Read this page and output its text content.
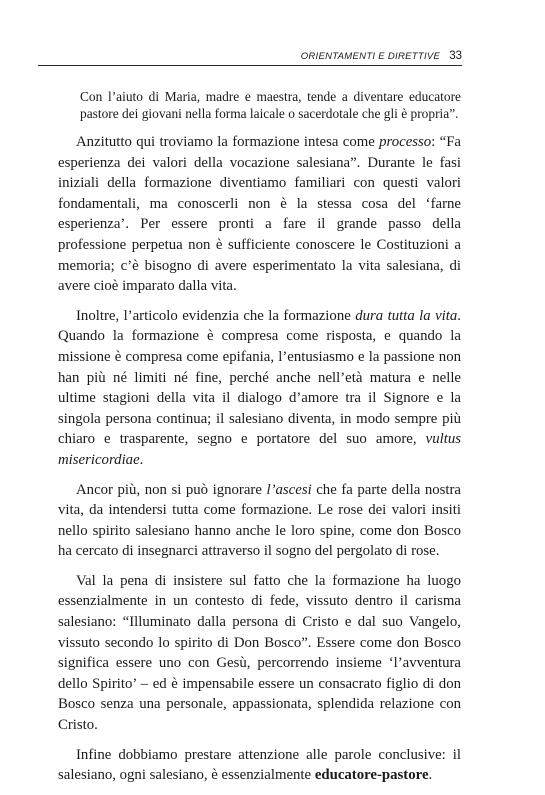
ORIENTAMENTI E DIRETTIVE 33

Con l’aiuto di Maria, madre e maestra, tende a diventare educatore pastore dei giovani nella forma laicale o sacerdotale che gli è propria”.

Anzitutto qui troviamo la formazione intesa come processo: “Fa esperienza dei valori della vocazione salesiana”. Durante le fasi iniziali della formazione diventiamo familiari con questi valori fondamentali, ma conoscerli non è la stessa cosa del ‘farne esperienza’. Per essere pronti a fare il grande passo della professione perpetua non è sufficiente conoscere le Costituzioni a memoria; c’è bisogno di avere esperimentato la vita salesiana, di avere cioè imparato dalla vita.

Inoltre, l’articolo evidenzia che la formazione dura tutta la vita. Quando la formazione è compresa come risposta, e quando la missione è compresa come epifania, l’entusiasmo e la passione non han più né limiti né fine, perché anche nell’età matura e nelle ultime stagioni della vita il dialogo d’amore tra il Signore e la singola persona continua; il salesiano diventa, in modo sempre più chiaro e trasparente, segno e portatore del suo amore, vultus misericordiae.

Ancor più, non si può ignorare l’ascesi che fa parte della nostra vita, da intendersi tutta come formazione. Le rose dei valori insiti nello spirito salesiano hanno anche le loro spine, come don Bosco ha cercato di insegnarci attraverso il sogno del pergolato di rose.

Val la pena di insistere sul fatto che la formazione ha luogo essenzialmente in un contesto di fede, vissuto dentro il carisma salesiano: “Illuminato dalla persona di Cristo e dal suo Vangelo, vissuto secondo lo spirito di Don Bosco”. Essere come don Bosco significa essere uno con Gesù, percorrendo insieme ‘l’avventura dello Spirito’ – ed è impensabile essere un consacrato figlio di don Bosco senza una personale, appassionata, splendida relazione con Cristo.

Infine dobbiamo prestare attenzione alle parole conclusive: il salesiano, ogni salesiano, è essenzialmente educatore-pastore.
